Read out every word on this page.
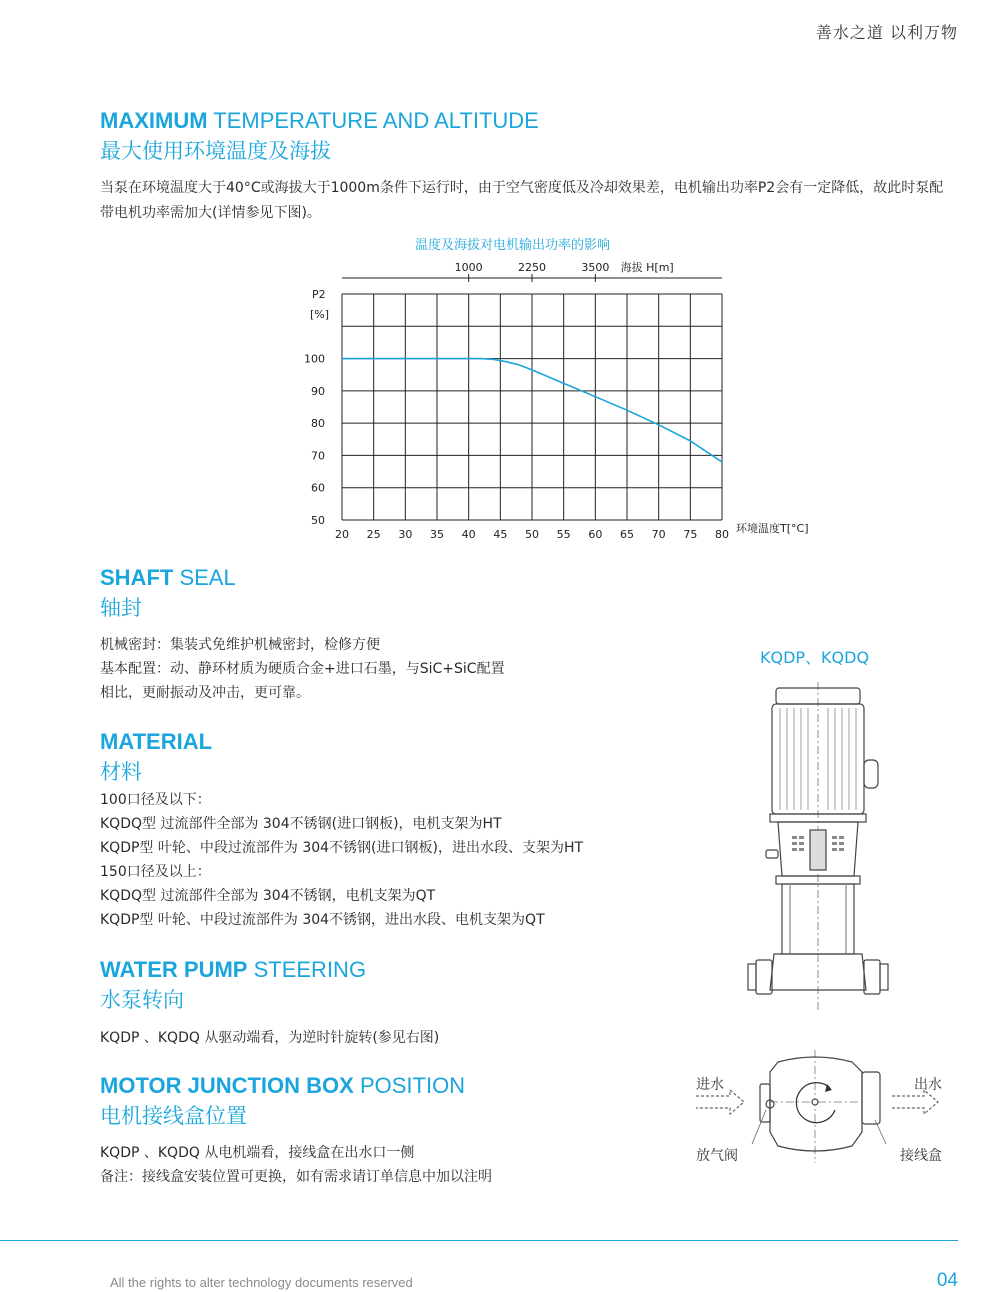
善水之道 以利万物
MAXIMUM TEMPERATURE AND ALTITUDE
最大使用环境温度及海拔
当泵在环境温度大于40°C或海拔大于1000m条件下运行时，由于空气密度低及冷却效果差，电机输出功率P2会有一定降低，故此时泵配带电机功率需加大(详情参见下图)。
温度及海拔对电机输出功率的影响
1000	2250	3500 海拔 H[m]
20 25 30 35 40 45 50 55 60 65 70 75 80
50
60
70
80
90
100
P2
[%]
环境温度T[°C]
SHAFT SEAL
轴封
机械密封：集装式免维护机械密封，检修方便
基本配置：动、静环材质为硬质合金+进口石墨，与SiC+SiC配置
相比，更耐振动及冲击，更可靠。
MATERIAL
材料
100口径及以下：
KQDQ型 过流部件全部为 304不锈钢(进口钢板)，电机支架为HT
KQDP型 叶轮、中段过流部件为 304不锈钢(进口钢板)，进出水段、支架为HT
150口径及以上：
KQDQ型 过流部件全部为 304不锈钢，电机支架为QT
KQDP型 叶轮、中段过流部件为 304不锈钢，进出水段、电机支架为QT
WATER PUMP STEERING
水泵转向
KQDP 、KQDQ 从驱动端看，为逆时针旋转(参见右图)
MOTOR JUNCTION BOX POSITION
电机接线盒位置
KQDP 、KQDQ 从电机端看，接线盒在出水口一侧
备注：接线盒安装位置可更换，如有需求请订单信息中加以注明
KQDP、KQDQ
进水	出水
放气阀	接线盒
All the rights to alter technology documents reserved	04
